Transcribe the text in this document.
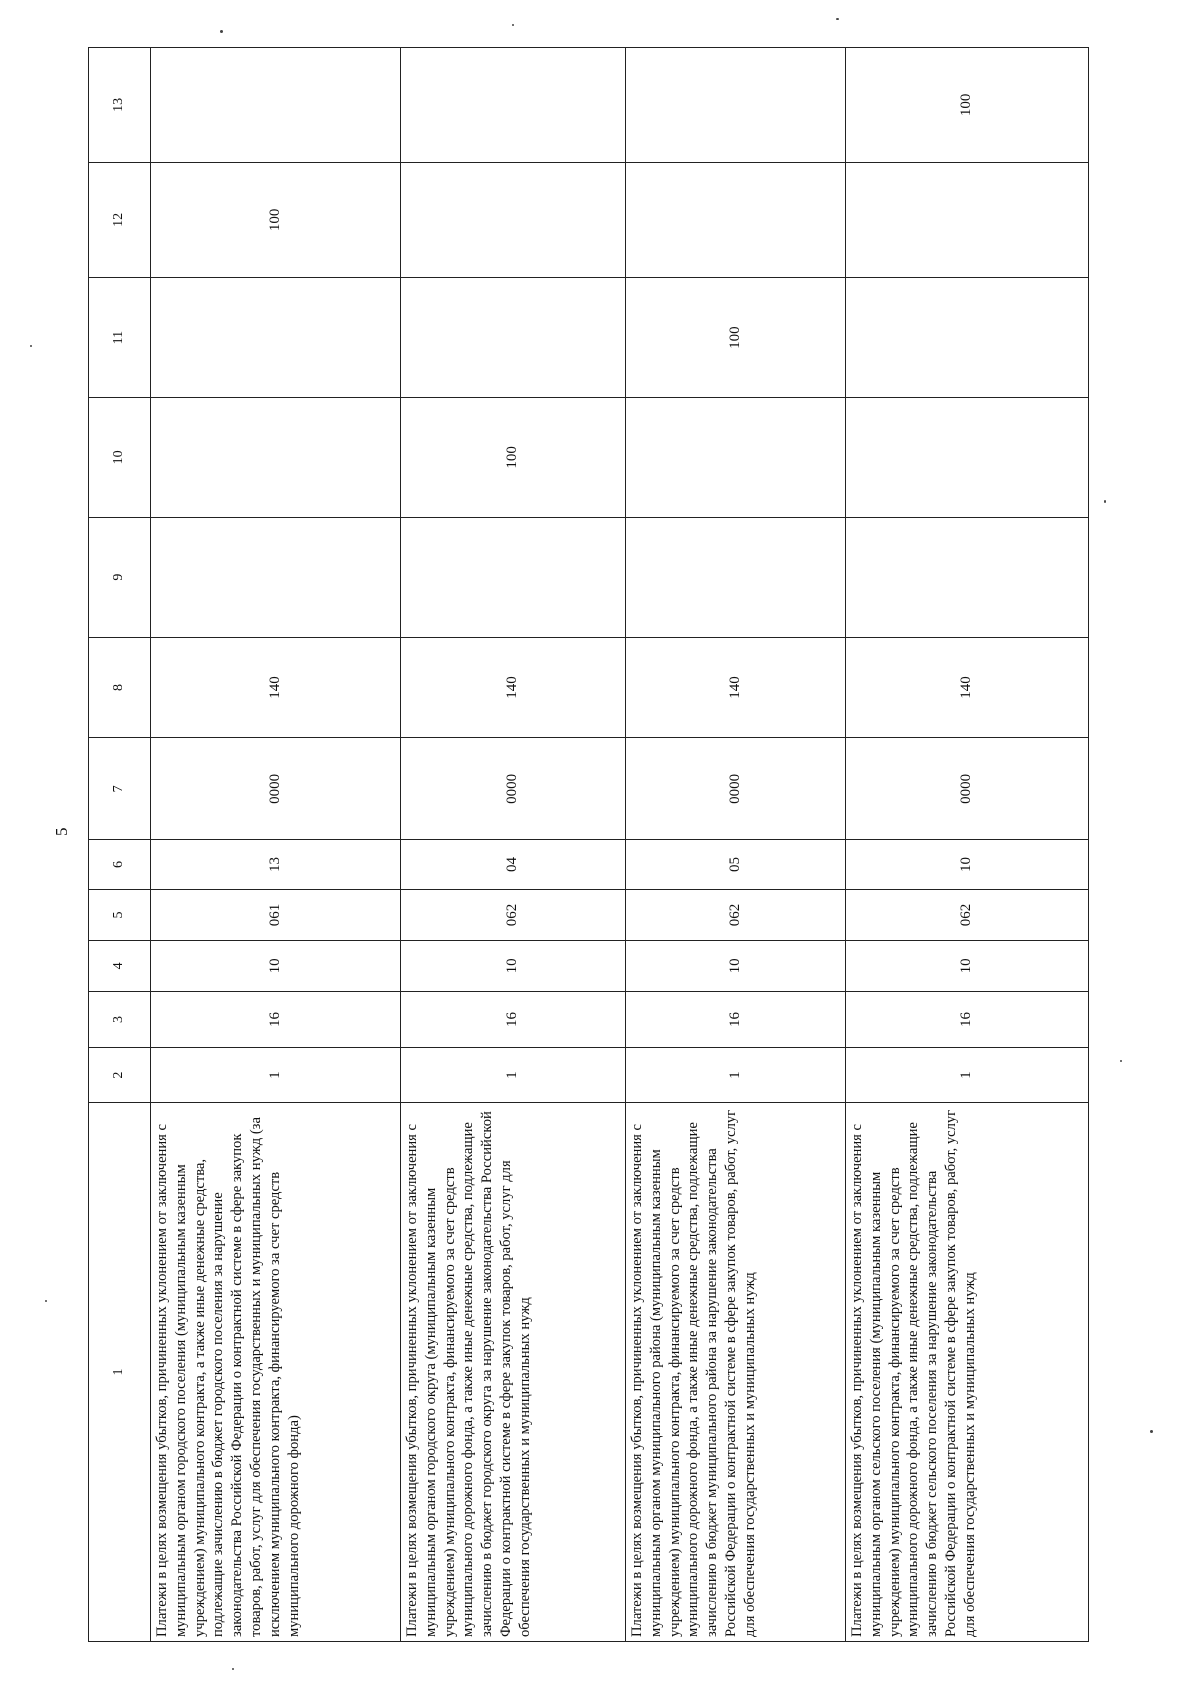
5
1	2	3	4	5	6	7	8	9	10	11	12	13
Платежи в целях возмещения убытков, причиненных уклонением от заключения с муниципальным органом городского поселения (муниципальным казенным учреждением) муниципального контракта, а также иные денежные средства, подлежащие зачислению в бюджет городского поселения за нарушение законодательства Российской Федерации о контрактной системе в сфере закупок товаров, работ, услуг для обеспечения государственных и муниципальных нужд (за исключением муниципального контракта, финансируемого за счет средств муниципального дорожного фонда)	1	16	10	061	13	0000	140				100	
Платежи в целях возмещения убытков, причиненных уклонением от заключения с муниципальным органом городского округа (муниципальным казенным учреждением) муниципального контракта, финансируемого за счет средств муниципального дорожного фонда, а также иные денежные средства, подлежащие зачислению в бюджет городского округа за нарушение законодательства Российской Федерации о контрактной системе в сфере закупок товаров, работ, услуг для обеспечения государственных и муниципальных нужд	1	16	10	062	04	0000	140		100			
Платежи в целях возмещения убытков, причиненных уклонением от заключения с муниципальным органом муниципального района (муниципальным казенным учреждением) муниципального контракта, финансируемого за счет средств муниципального дорожного фонда, а также иные денежные средства, подлежащие зачислению в бюджет муниципального района за нарушение законодательства Российской Федерации о контрактной системе в сфере закупок товаров, работ, услуг для обеспечения государственных и муниципальных нужд	1	16	10	062	05	0000	140			100		
Платежи в целях возмещения убытков, причиненных уклонением от заключения с муниципальным органом сельского поселения (муниципальным казенным учреждением) муниципального контракта, финансируемого за счет средств муниципального дорожного фонда, а также иные денежные средства, подлежащие зачислению в бюджет сельского поселения за нарушение законодательства Российской Федерации о контрактной системе в сфере закупок товаров, работ, услуг для обеспечения государственных и муниципальных нужд	1	16	10	062	10	0000	140					100
